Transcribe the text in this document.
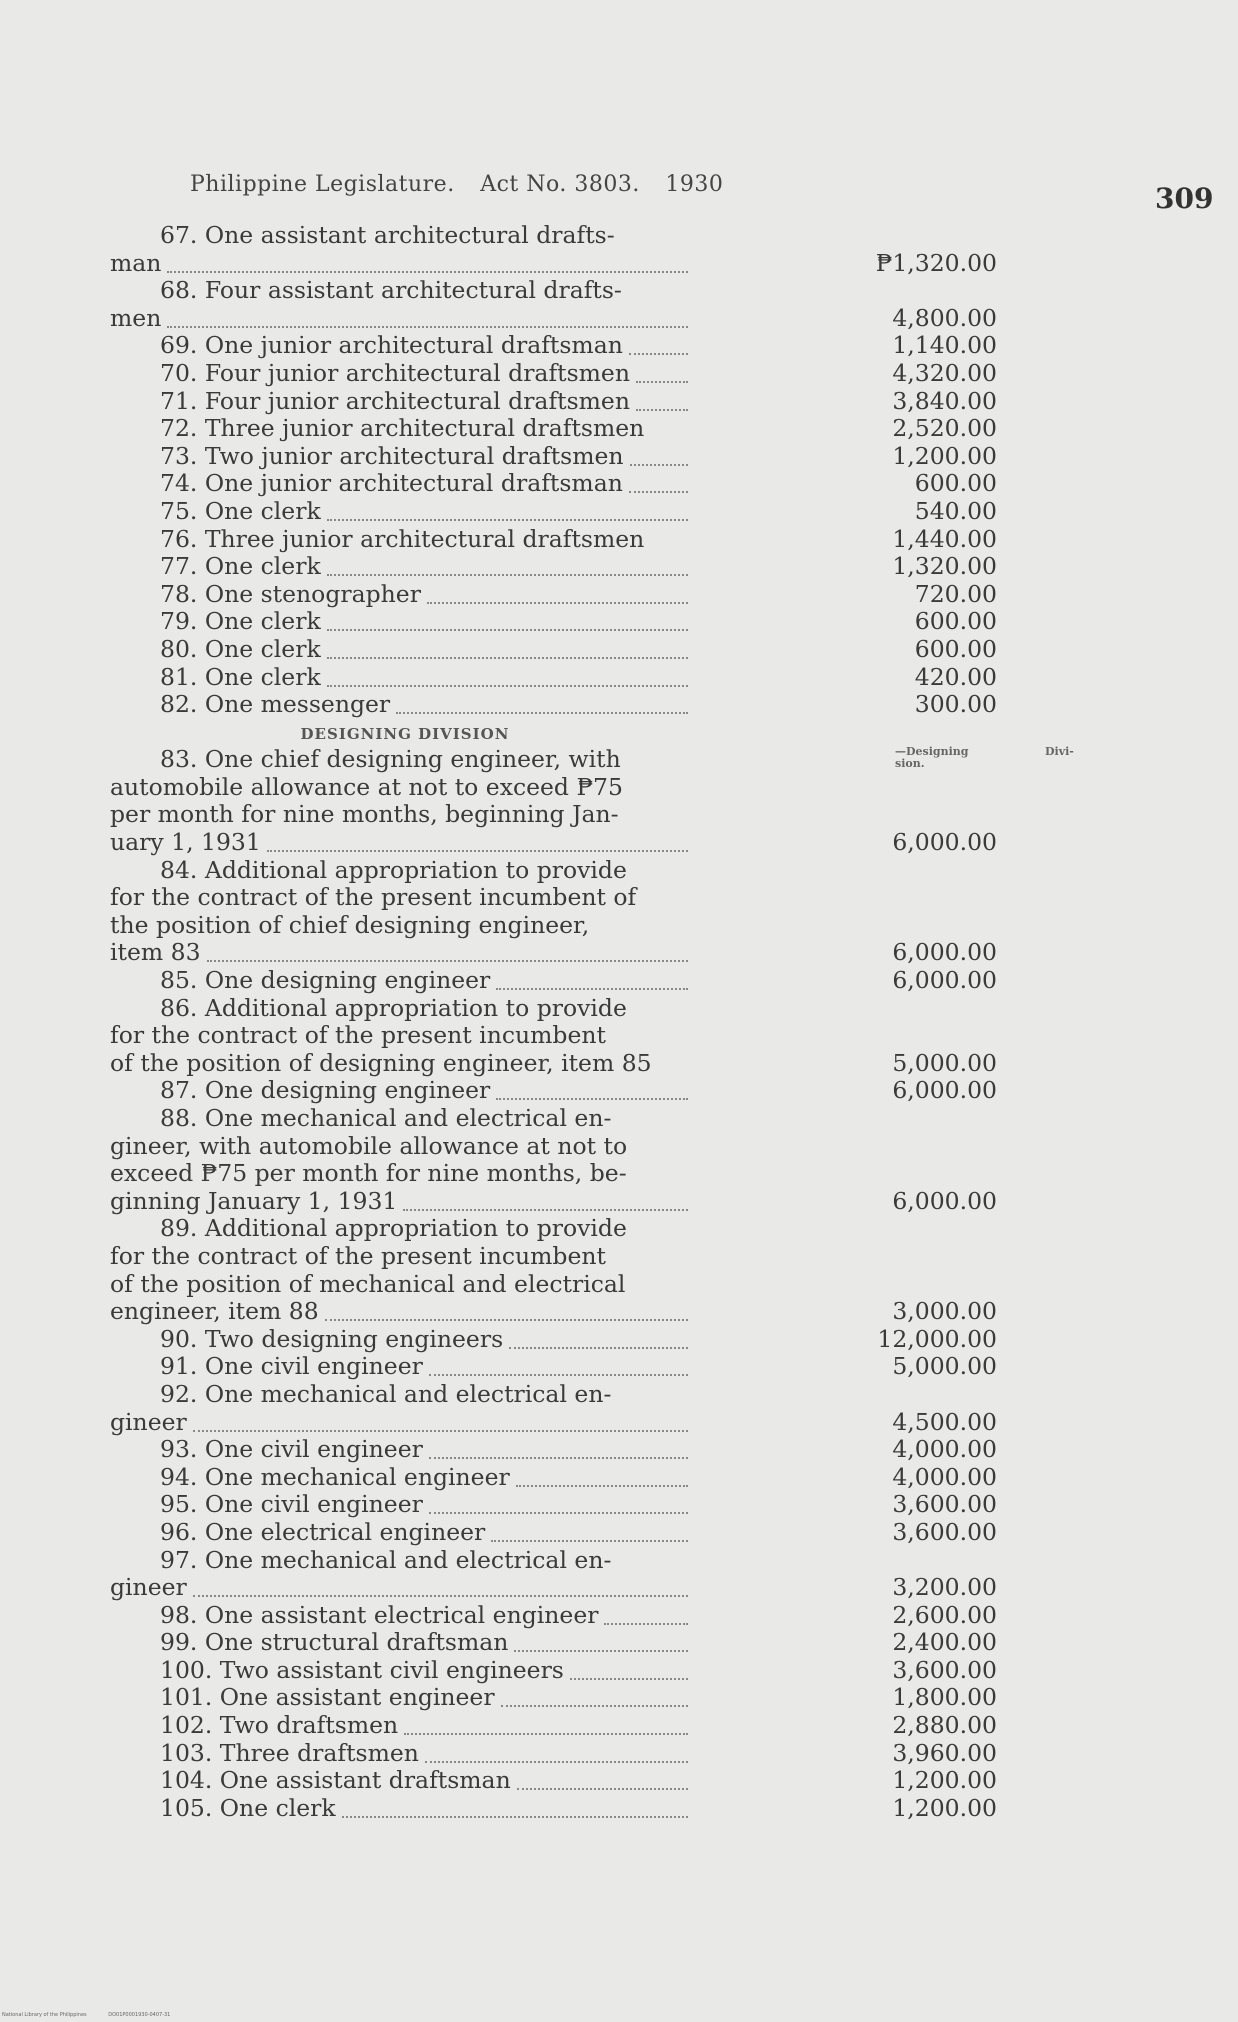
Philippine Legislature. Act No. 3803. 1930	309
67. One assistant architectural drafts-
man	₱1,320.00
68. Four assistant architectural drafts-
men	4,800.00
69. One junior architectural draftsman	1,140.00
70. Four junior architectural draftsmen	4,320.00
71. Four junior architectural draftsmen	3,840.00
72. Three junior architectural draftsmen	2,520.00
73. Two junior architectural draftsmen	1,200.00
74. One junior architectural draftsman	600.00
75. One clerk	540.00
76. Three junior architectural draftsmen	1,440.00
77. One clerk	1,320.00
78. One stenographer	720.00
79. One clerk	600.00
80. One clerk	600.00
81. One clerk	420.00
82. One messenger	300.00
DESIGNING DIVISION
83. One chief designing engineer, with
automobile allowance at not to exceed ₱75
per month for nine months, beginning Jan-
uary 1, 1931	6,000.00
84. Additional appropriation to provide
for the contract of the present incumbent of
the position of chief designing engineer,
item 83	6,000.00
85. One designing engineer	6,000.00
86. Additional appropriation to provide
for the contract of the present incumbent
of the position of designing engineer, item 85	5,000.00
87. One designing engineer	6,000.00
88. One mechanical and electrical en-
gineer, with automobile allowance at not to
exceed ₱75 per month for nine months, be-
ginning January 1, 1931	6,000.00
89. Additional appropriation to provide
for the contract of the present incumbent
of the position of mechanical and electrical
engineer, item 88	3,000.00
90. Two designing engineers	12,000.00
91. One civil engineer	5,000.00
92. One mechanical and electrical en-
gineer	4,500.00
93. One civil engineer	4,000.00
94. One mechanical engineer	4,000.00
95. One civil engineer	3,600.00
96. One electrical engineer	3,600.00
97. One mechanical and electrical en-
gineer	3,200.00
98. One assistant electrical engineer	2,600.00
99. One structural draftsman	2,400.00
100. Two assistant civil engineers	3,600.00
101. One assistant engineer	1,800.00
102. Two draftsmen	2,880.00
103. Three draftsmen	3,960.00
104. One assistant draftsman	1,200.00
105. One clerk	1,200.00
—Designing sion.
Divi-
National Library of the Philippines	DO01P0001930-0407-31
